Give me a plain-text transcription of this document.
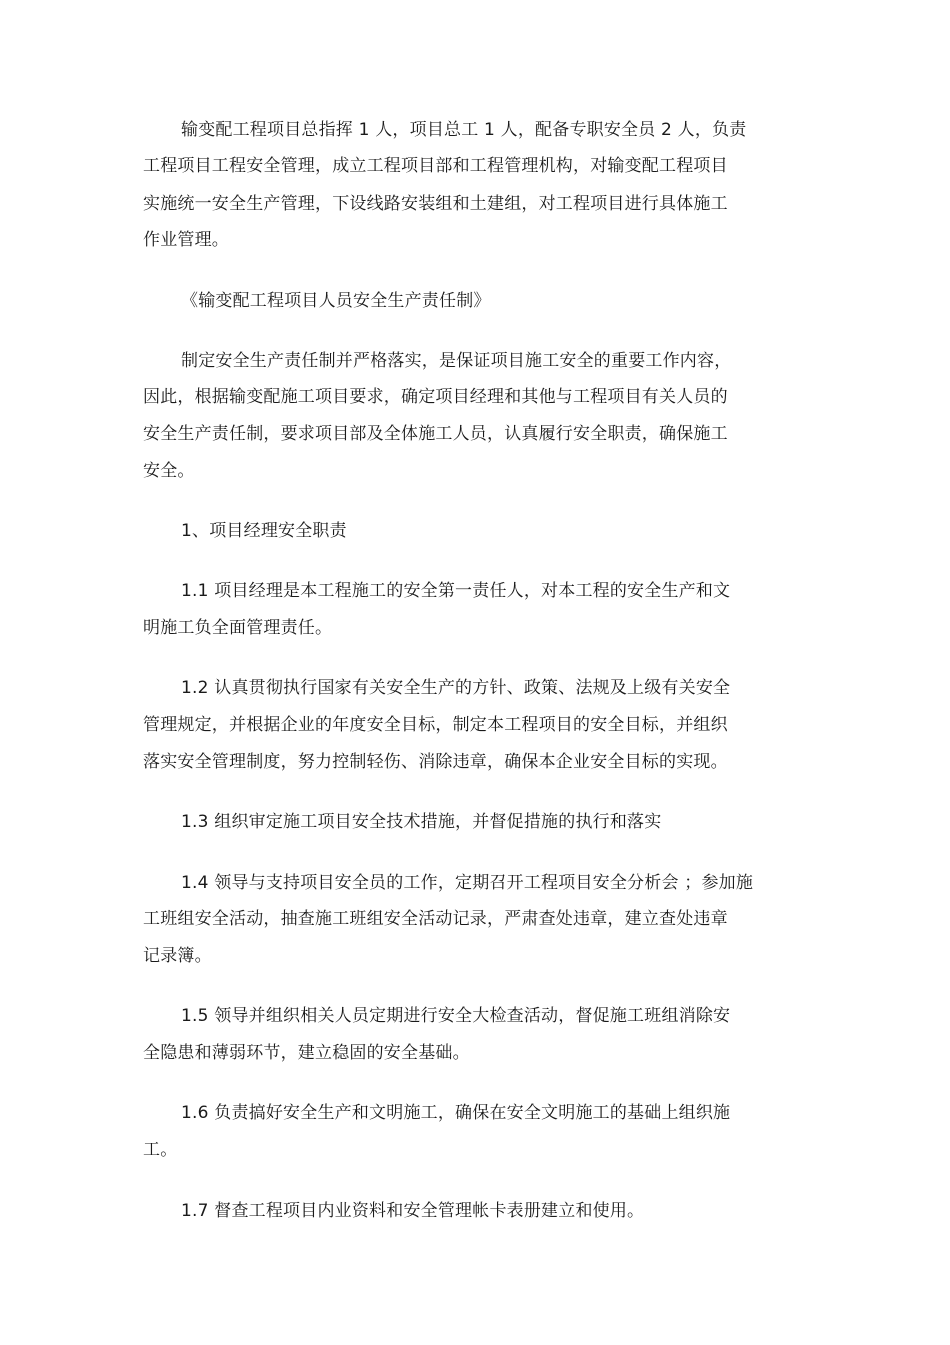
输变配工程项目总指挥 1 人，项目总工 1 人，配备专职安全员 2 人，负责
工程项目工程安全管理，成立工程项目部和工程管理机构，对输变配工程项目
实施统一安全生产管理，下设线路安装组和土建组，对工程项目进行具体施工
作业管理。
《输变配工程项目人员安全生产责任制》
制定安全生产责任制并严格落实，是保证项目施工安全的重要工作内容，
因此，根据输变配施工项目要求，确定项目经理和其他与工程项目有关人员的
安全生产责任制，要求项目部及全体施工人员，认真履行安全职责，确保施工
安全。
1、项目经理安全职责
1.1 项目经理是本工程施工的安全第一责任人，对本工程的安全生产和文
明施工负全面管理责任。
1.2 认真贯彻执行国家有关安全生产的方针、政策、法规及上级有关安全
管理规定，并根据企业的年度安全目标，制定本工程项目的安全目标，并组织
落实安全管理制度，努力控制轻伤、消除违章，确保本企业安全目标的实现。
1.3 组织审定施工项目安全技术措施，并督促措施的执行和落实
1.4 领导与支持项目安全员的工作，定期召开工程项目安全分析会 ；参加施
工班组安全活动，抽查施工班组安全活动记录，严肃查处违章，建立查处违章
记录簿。
1.5 领导并组织相关人员定期进行安全大检查活动，督促施工班组消除安
全隐患和薄弱环节，建立稳固的安全基础。
1.6 负责搞好安全生产和文明施工，确保在安全文明施工的基础上组织施
工。
1.7 督查工程项目内业资料和安全管理帐卡表册建立和使用。
